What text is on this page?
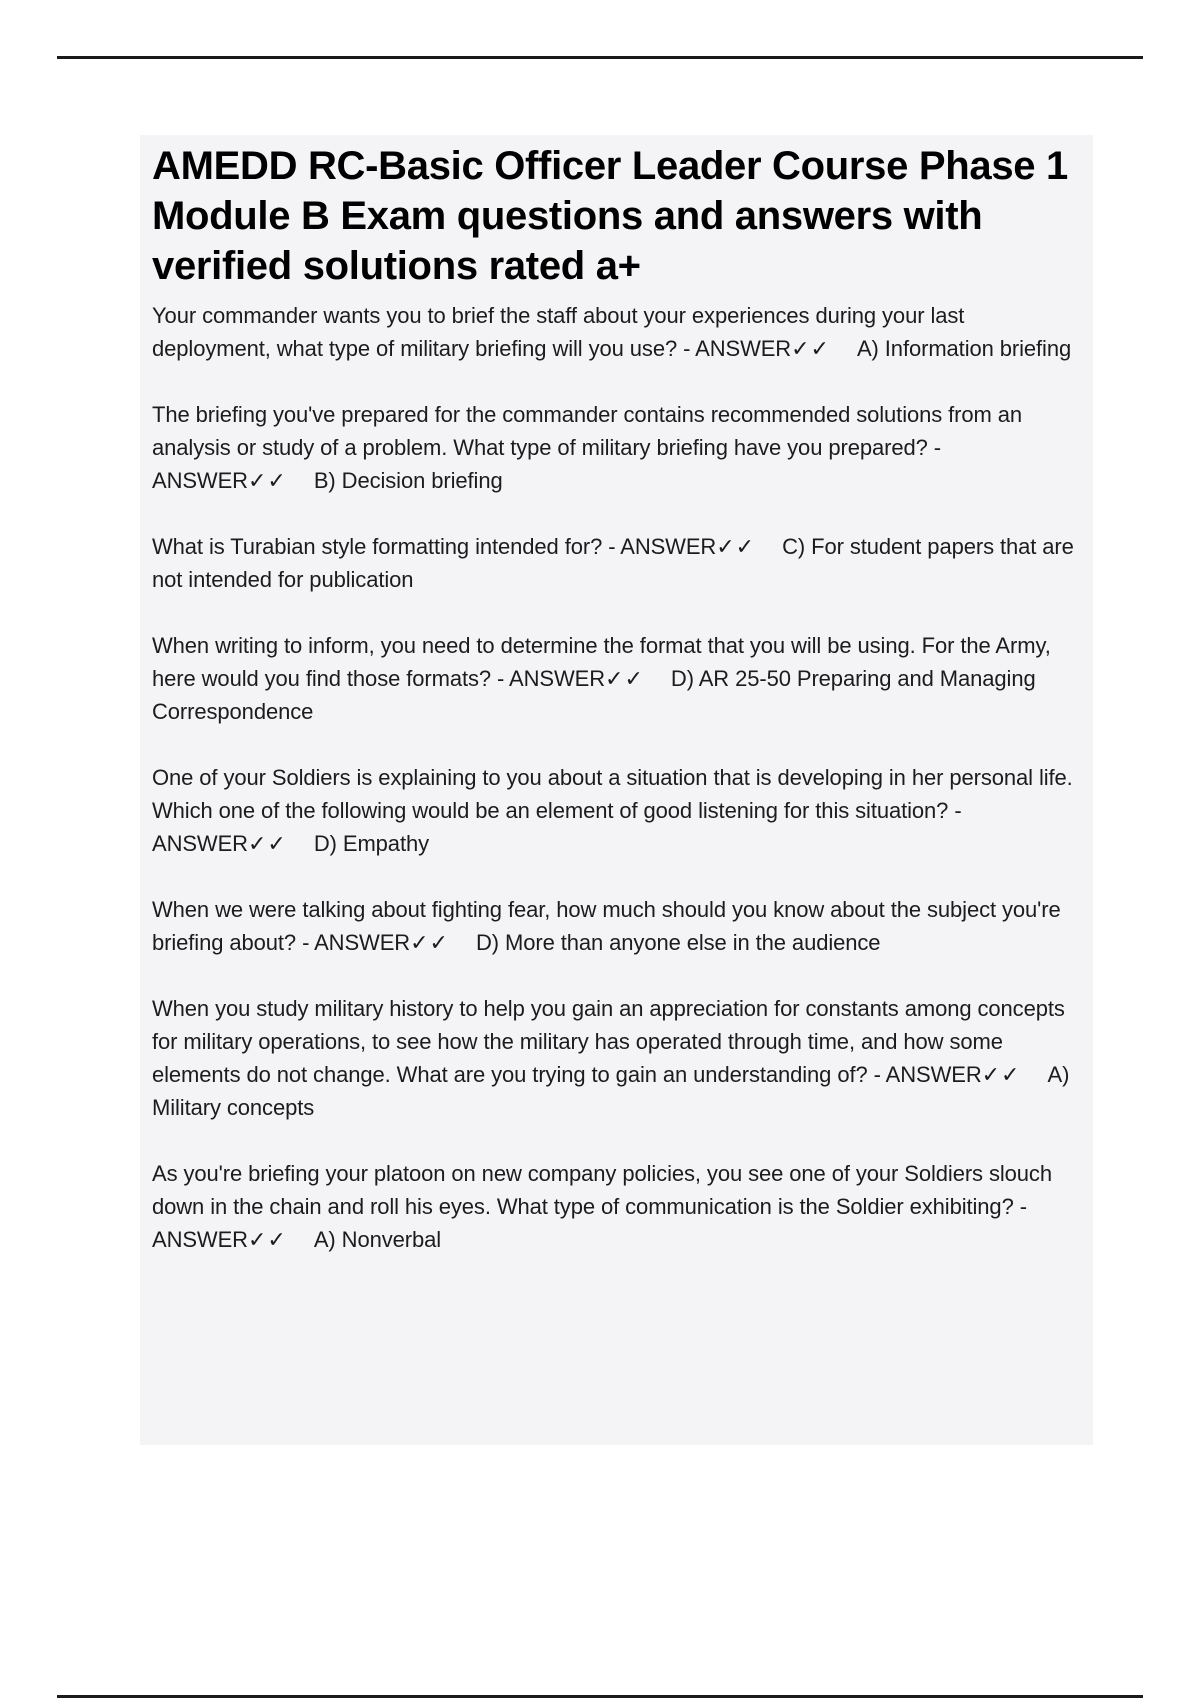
AMEDD RC-Basic Officer Leader Course Phase 1 Module B Exam questions and answers with verified solutions rated a+

Your commander wants you to brief the staff about your experiences during your last deployment, what type of military briefing will you use? - ANSWER✓✓ A) Information briefing

The briefing you've prepared for the commander contains recommended solutions from an analysis or study of a problem. What type of military briefing have you prepared? - ANSWER✓✓ B) Decision briefing

What is Turabian style formatting intended for? - ANSWER✓✓ C) For student papers that are not intended for publication

When writing to inform, you need to determine the format that you will be using. For the Army, here would you find those formats? - ANSWER✓✓ D) AR 25-50 Preparing and Managing Correspondence

One of your Soldiers is explaining to you about a situation that is developing in her personal life. Which one of the following would be an element of good listening for this situation? - ANSWER✓✓ D) Empathy

When we were talking about fighting fear, how much should you know about the subject you're briefing about? - ANSWER✓✓ D) More than anyone else in the audience

When you study military history to help you gain an appreciation for constants among concepts for military operations, to see how the military has operated through time, and how some elements do not change. What are you trying to gain an understanding of? - ANSWER✓✓ A) Military concepts

As you're briefing your platoon on new company policies, you see one of your Soldiers slouch down in the chain and roll his eyes. What type of communication is the Soldier exhibiting? - ANSWER✓✓ A) Nonverbal
